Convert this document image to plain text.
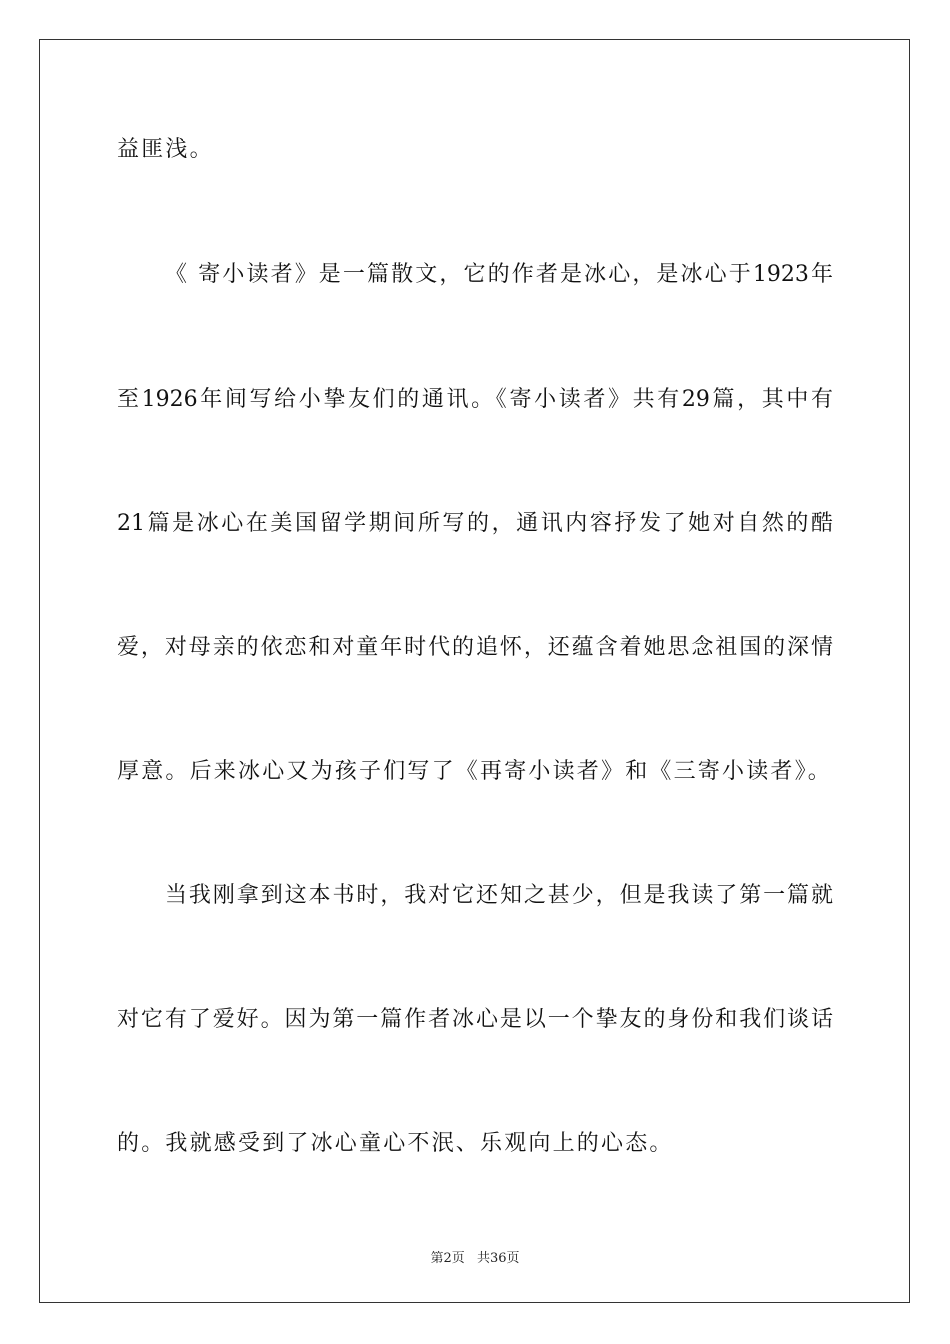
益匪浅。
《 寄小读者》是一篇散文，它的作者是冰心，是冰心于1923年
至1926年间写给小挚友们的通讯。《寄小读者》共有29篇，其中有
21篇是冰心在美国留学期间所写的，通讯内容抒发了她对自然的酷
爱，对母亲的依恋和对童年时代的追怀，还蕴含着她思念祖国的深情
厚意。后来冰心又为孩子们写了《再寄小读者》和《三寄小读者》。
当我刚拿到这本书时，我对它还知之甚少，但是我读了第一篇就
对它有了爱好。因为第一篇作者冰心是以一个挚友的身份和我们谈话
的。我就感受到了冰心童心不泯、乐观向上的心态。
第2页 共36页
